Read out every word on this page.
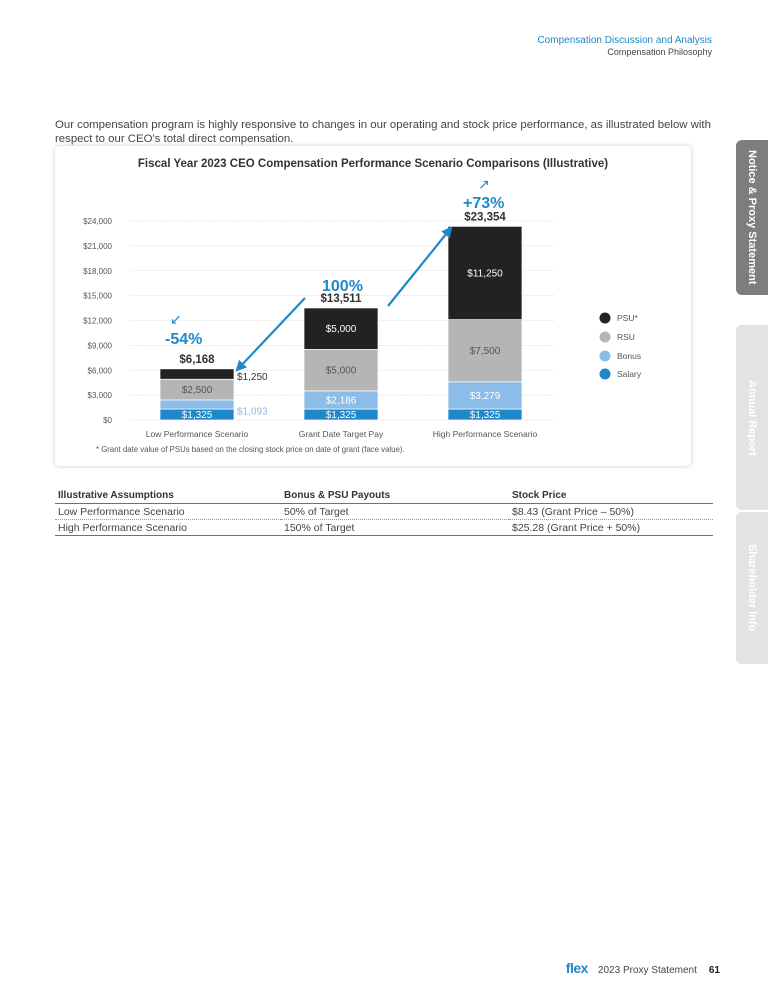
Compensation Discussion and Analysis
Compensation Philosophy
Notice & Proxy Statement
Annual Report
Shareholder Info

Our compensation program is highly responsive to changes in our operating and stock price performance, as illustrated below with respect to our CEO's total direct compensation.

Fiscal Year 2023 CEO Compensation Performance Scenario Comparisons (Illustrative)
$0
$3,000
$6,000
$9,000
$12,000
$15,000
$18,000
$21,000
$24,000
$1,325 $1,093
$2,500
$1,250
$6,168
Low Performance Scenario
$1,325
$2,186
$5,000
$5,000
$13,511
Grant Date Target Pay
$1,325
$3,279
$7,500
$11,250
$23,354
High Performance Scenario
↙
-54%
100%
↗
+73%
PSU*
RSU
Bonus
Salary
* Grant date value of PSUs based on the closing stock price on date of grant (face value).
Illustrative Assumptions	Bonus & PSU Payouts	Stock Price
Low Performance Scenario	50% of Target	$8.43 (Grant Price – 50%)
High Performance Scenario	150% of Target	$25.28 (Grant Price + 50%)
flex 2023 Proxy Statement 61
